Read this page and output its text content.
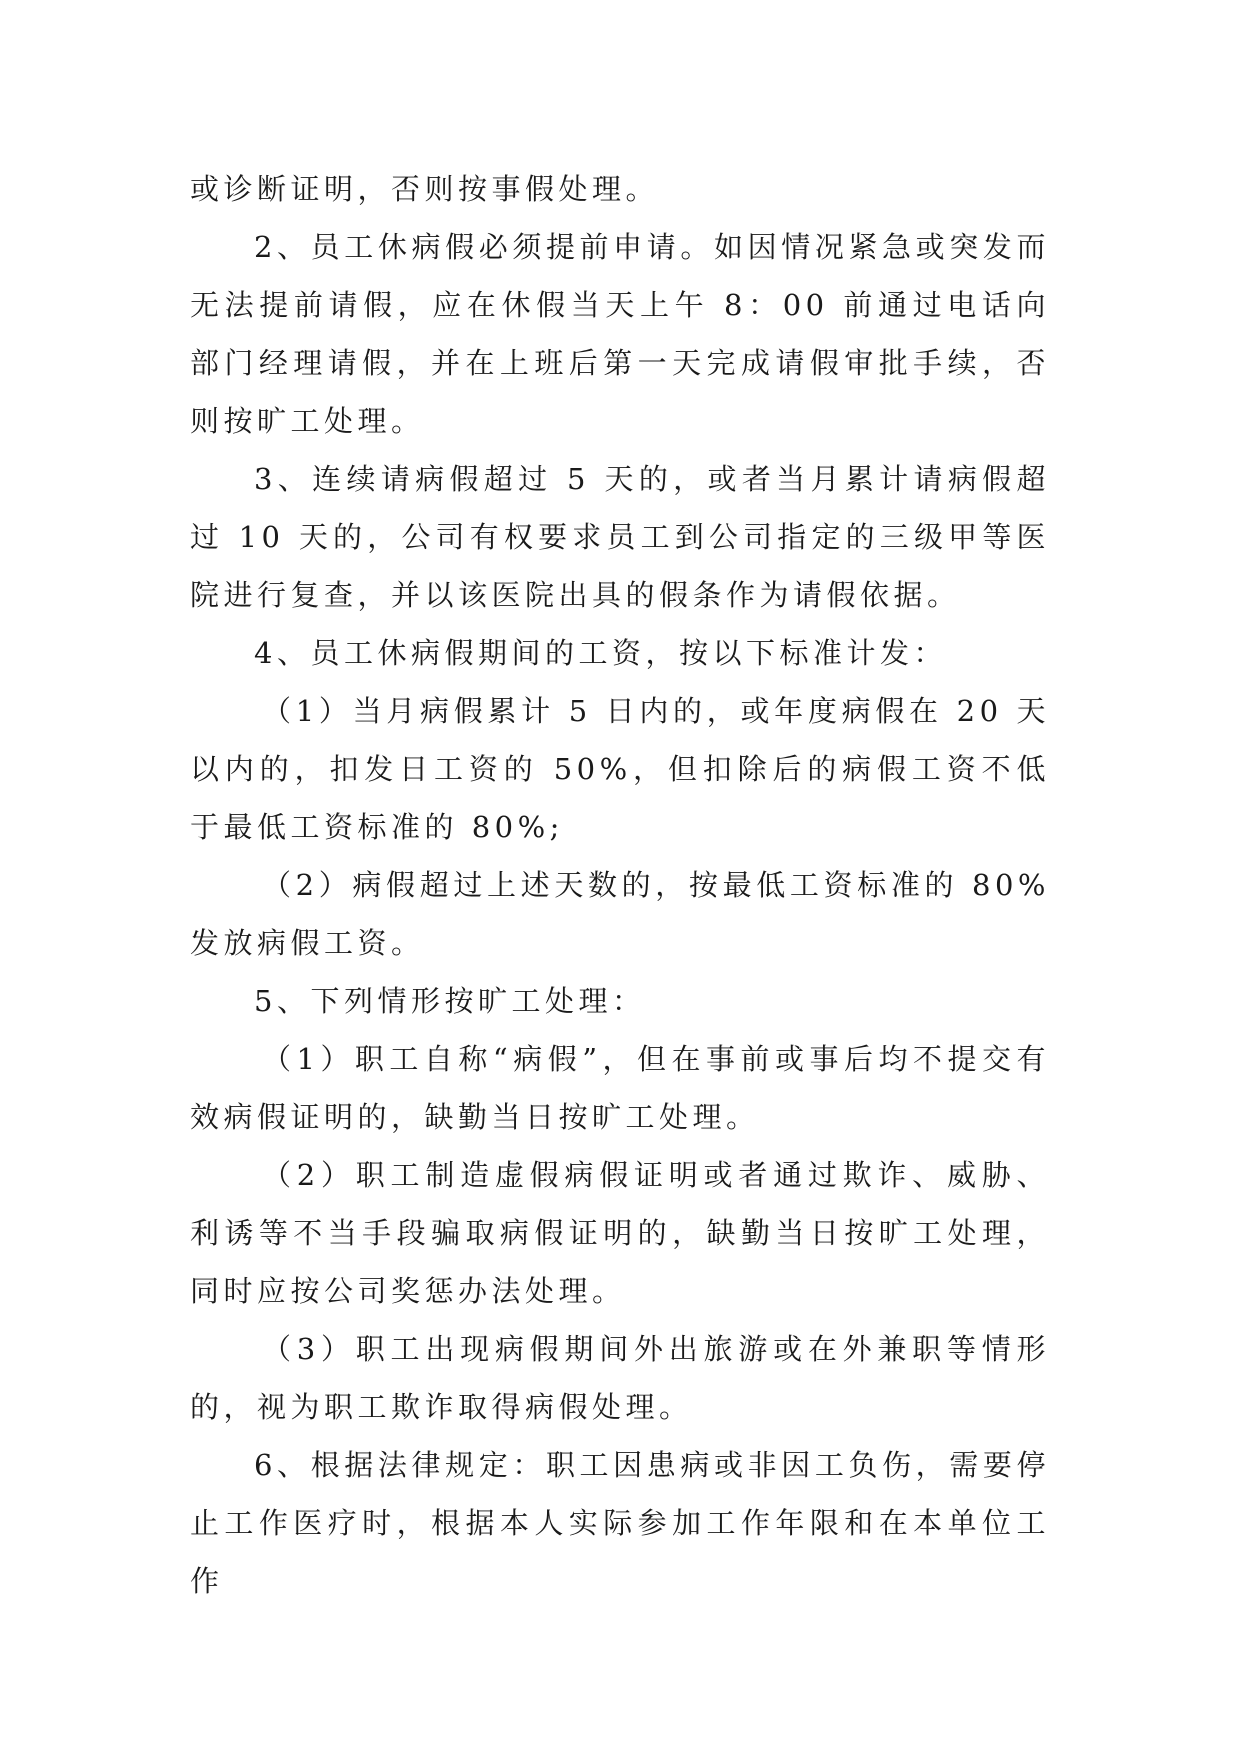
或诊断证明，否则按事假处理。

2、员工休病假必须提前申请。如因情况紧急或突发而无法提前请假，应在休假当天上午 8：00 前通过电话向部门经理请假，并在上班后第一天完成请假审批手续，否则按旷工处理。

3、连续请病假超过 5 天的，或者当月累计请病假超过 10 天的，公司有权要求员工到公司指定的三级甲等医院进行复查，并以该医院出具的假条作为请假依据。

4、员工休病假期间的工资，按以下标准计发：

（1）当月病假累计 5 日内的，或年度病假在 20 天以内的，扣发日工资的 50%，但扣除后的病假工资不低于最低工资标准的 80%;

（2）病假超过上述天数的，按最低工资标准的 80%发放病假工资。

5、下列情形按旷工处理：

（1）职工自称“病假”，但在事前或事后均不提交有效病假证明的，缺勤当日按旷工处理。

（2）职工制造虚假病假证明或者通过欺诈、威胁、利诱等不当手段骗取病假证明的，缺勤当日按旷工处理，同时应按公司奖惩办法处理。

（3）职工出现病假期间外出旅游或在外兼职等情形的，视为职工欺诈取得病假处理。

6、根据法律规定：职工因患病或非因工负伤，需要停止工作医疗时，根据本人实际参加工作年限和在本单位工作
